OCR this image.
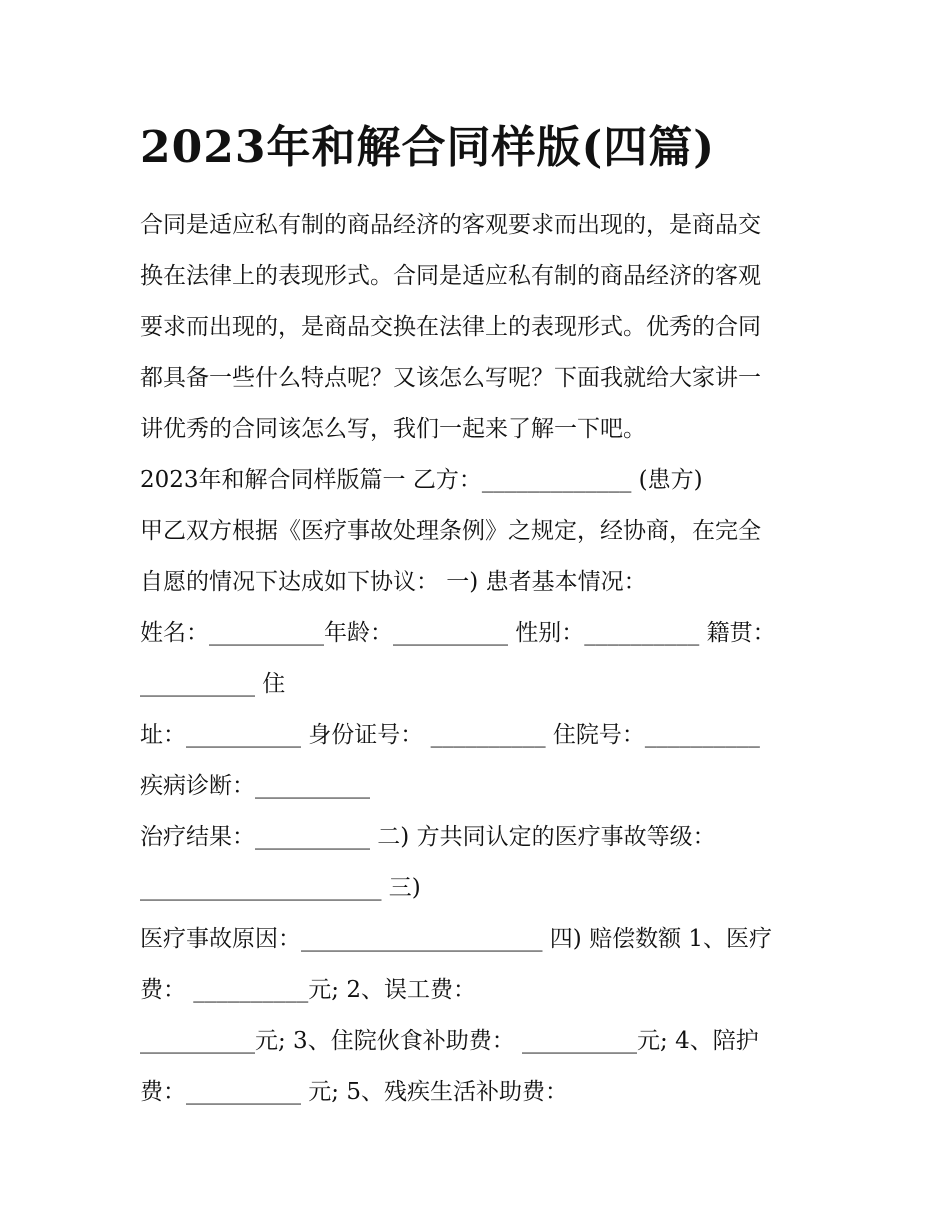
2023年和解合同样版(四篇)
合同是适应私有制的商品经济的客观要求而出现的，是商品交
换在法律上的表现形式。合同是适应私有制的商品经济的客观
要求而出现的，是商品交换在法律上的表现形式。优秀的合同
都具备一些什么特点呢？又该怎么写呢？下面我就给大家讲一
讲优秀的合同该怎么写，我们一起来了解一下吧。
2023年和解合同样版篇一 乙方：_____________ (患方)
甲乙双方根据《医疗事故处理条例》之规定，经协商，在完全
自愿的情况下达成如下协议： 一) 患者基本情况：
姓名：__________年龄：__________ 性别：__________ 籍贯：
__________ 住
址：__________ 身份证号： __________ 住院号：__________
疾病诊断：__________
治疗结果：__________ 二) 方共同认定的医疗事故等级：
_____________________ 三)
医疗事故原因：_____________________ 四) 赔偿数额 1、医疗
费： __________元; 2、误工费：
__________元; 3、住院伙食补助费： __________元; 4、陪护
费：__________ 元; 5、残疾生活补助费：
